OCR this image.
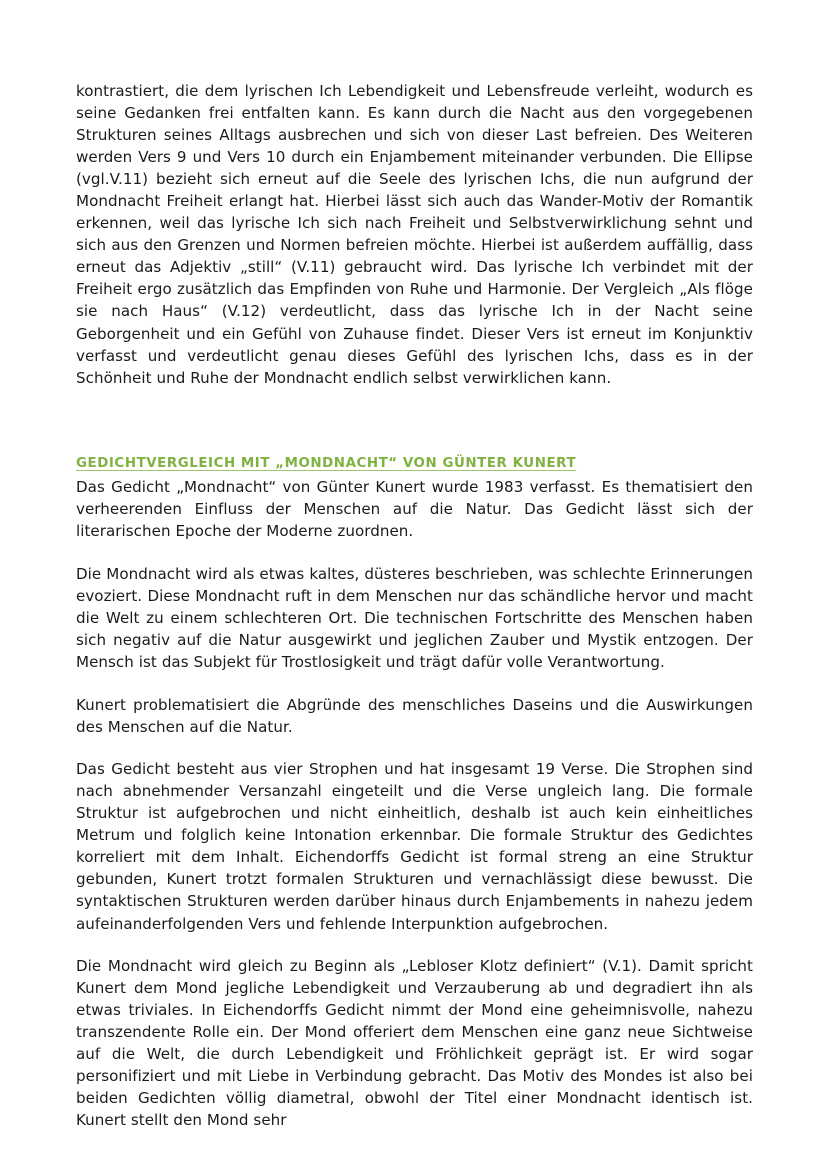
kontrastiert, die dem lyrischen Ich Lebendigkeit und Lebensfreude verleiht, wodurch es seine Gedanken frei entfalten kann. Es kann durch die Nacht aus den vorgegebenen Strukturen seines Alltags ausbrechen und sich von dieser Last befreien. Des Weiteren werden Vers 9 und Vers 10 durch ein Enjambement miteinander verbunden. Die Ellipse (vgl.V.11) bezieht sich erneut auf die Seele des lyrischen Ichs, die nun aufgrund der Mondnacht Freiheit erlangt hat. Hierbei lässt sich auch das Wander-Motiv der Romantik erkennen, weil das lyrische Ich sich nach Freiheit und Selbstverwirklichung sehnt und sich aus den Grenzen und Normen befreien möchte. Hierbei ist außerdem auffällig, dass erneut das Adjektiv „still“ (V.11) gebraucht wird. Das lyrische Ich verbindet mit der Freiheit ergo zusätzlich das Empfinden von Ruhe und Harmonie. Der Vergleich „Als flöge sie nach Haus“ (V.12) verdeutlicht, dass das lyrische Ich in der Nacht seine Geborgenheit und ein Gefühl von Zuhause findet. Dieser Vers ist erneut im Konjunktiv verfasst und verdeutlicht genau dieses Gefühl des lyrischen Ichs, dass es in der Schönheit und Ruhe der Mondnacht endlich selbst verwirklichen kann.

GEDICHTVERGLEICH MIT „MONDNACHT“ VON GÜNTER KUNERT

Das Gedicht „Mondnacht“ von Günter Kunert wurde 1983 verfasst. Es thematisiert den verheerenden Einfluss der Menschen auf die Natur. Das Gedicht lässt sich der literarischen Epoche der Moderne zuordnen.

Die Mondnacht wird als etwas kaltes, düsteres beschrieben, was schlechte Erinnerungen evoziert. Diese Mondnacht ruft in dem Menschen nur das schändliche hervor und macht die Welt zu einem schlechteren Ort. Die technischen Fortschritte des Menschen haben sich negativ auf die Natur ausgewirkt und jeglichen Zauber und Mystik entzogen. Der Mensch ist das Subjekt für Trostlosigkeit und trägt dafür volle Verantwortung.

Kunert problematisiert die Abgründe des menschliches Daseins und die Auswirkungen des Menschen auf die Natur.

Das Gedicht besteht aus vier Strophen und hat insgesamt 19 Verse. Die Strophen sind nach abnehmender Versanzahl eingeteilt und die Verse ungleich lang. Die formale Struktur ist aufgebrochen und nicht einheitlich, deshalb ist auch kein einheitliches Metrum und folglich keine Intonation erkennbar. Die formale Struktur des Gedichtes korreliert mit dem Inhalt. Eichendorffs Gedicht ist formal streng an eine Struktur gebunden, Kunert trotzt formalen Strukturen und vernachlässigt diese bewusst. Die syntaktischen Strukturen werden darüber hinaus durch Enjambements in nahezu jedem aufeinanderfolgenden Vers und fehlende Interpunktion aufgebrochen.

Die Mondnacht wird gleich zu Beginn als „Lebloser Klotz definiert“ (V.1). Damit spricht Kunert dem Mond jegliche Lebendigkeit und Verzauberung ab und degradiert ihn als etwas triviales. In Eichendorffs Gedicht nimmt der Mond eine geheimnisvolle, nahezu transzendente Rolle ein. Der Mond offeriert dem Menschen eine ganz neue Sichtweise auf die Welt, die durch Lebendigkeit und Fröhlichkeit geprägt ist. Er wird sogar personifiziert und mit Liebe in Verbindung gebracht. Das Motiv des Mondes ist also bei beiden Gedichten völlig diametral, obwohl der Titel einer Mondnacht identisch ist. Kunert stellt den Mond sehr
